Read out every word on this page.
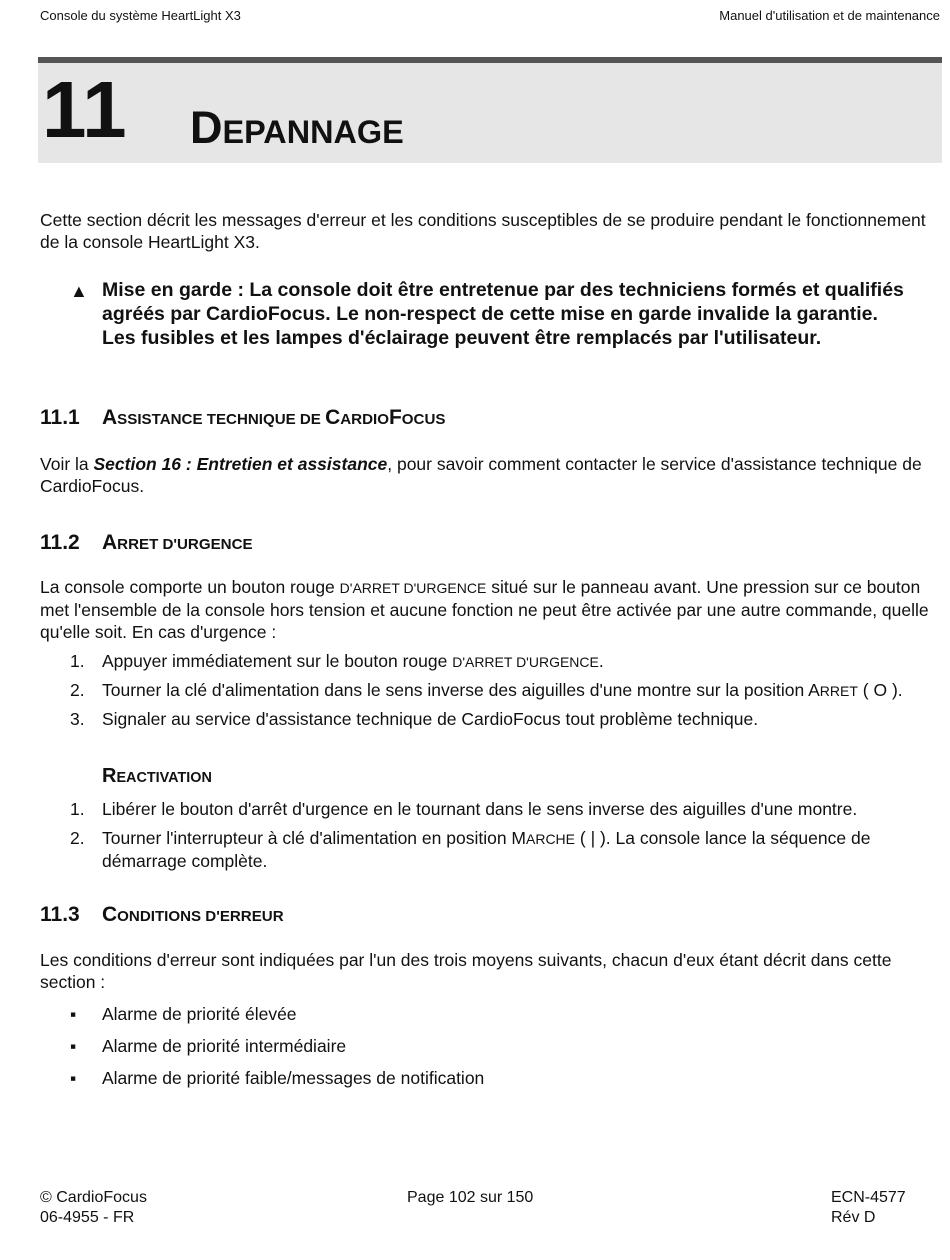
Console du système HeartLight X3	Manuel d'utilisation et de maintenance
11 DEPANNAGE
Cette section décrit les messages d'erreur et les conditions susceptibles de se produire pendant le fonctionnement de la console HeartLight X3.
▲ Mise en garde : La console doit être entretenue par des techniciens formés et qualifiés agréés par CardioFocus. Le non-respect de cette mise en garde invalide la garantie. Les fusibles et les lampes d'éclairage peuvent être remplacés par l'utilisateur.
11.1 ASSISTANCE TECHNIQUE DE CARDIOFOCUS
Voir la Section 16 : Entretien et assistance, pour savoir comment contacter le service d'assistance technique de CardioFocus.
11.2 ARRET D'URGENCE
La console comporte un bouton rouge D'ARRET D'URGENCE situé sur le panneau avant. Une pression sur ce bouton met l'ensemble de la console hors tension et aucune fonction ne peut être activée par une autre commande, quelle qu'elle soit. En cas d'urgence :
1. Appuyer immédiatement sur le bouton rouge D'ARRET D'URGENCE.
2. Tourner la clé d'alimentation dans le sens inverse des aiguilles d'une montre sur la position ARRET ( O ).
3. Signaler au service d'assistance technique de CardioFocus tout problème technique.
REACTIVATION
1. Libérer le bouton d'arrêt d'urgence en le tournant dans le sens inverse des aiguilles d'une montre.
2. Tourner l'interrupteur à clé d'alimentation en position MARCHE ( | ). La console lance la séquence de démarrage complète.
11.3 CONDITIONS D'ERREUR
Les conditions d'erreur sont indiquées par l'un des trois moyens suivants, chacun d'eux étant décrit dans cette section :
▪	Alarme de priorité élevée
▪	Alarme de priorité intermédiaire
▪	Alarme de priorité faible/messages de notification
© CardioFocus
06-4955 - FR
Page 102 sur 150	ECN-4577
Rév D
